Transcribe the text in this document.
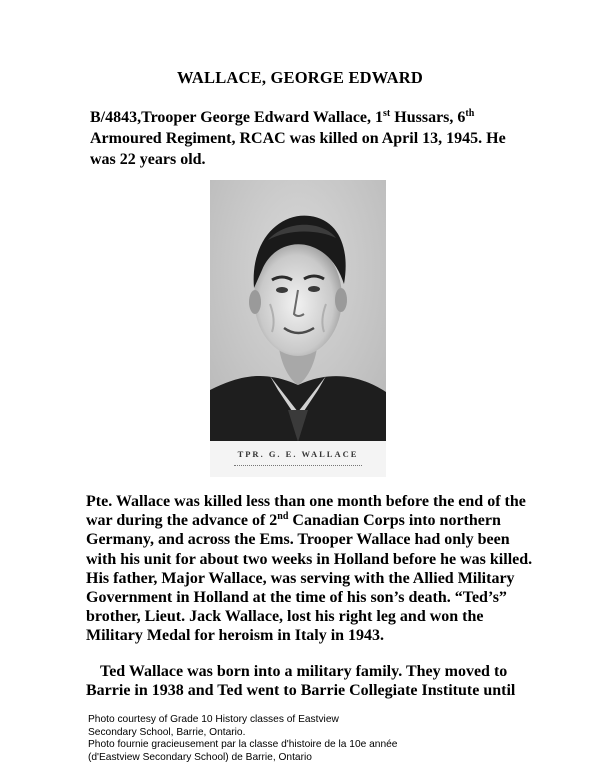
WALLACE, GEORGE EDWARD
B/4843,Trooper George Edward Wallace, 1st Hussars, 6th Armoured Regiment, RCAC was killed on April 13, 1945. He was 22 years old.
TPR. G. E. WALLACE

Pte. Wallace was killed less than one month before the end of the war during the advance of 2nd Canadian Corps into northern Germany, and across the Ems. Trooper Wallace had only been with his unit for about two weeks in Holland before he was killed. His father, Major Wallace, was serving with the Allied Military Government in Holland at the time of his son’s death. “Ted’s” brother, Lieut. Jack Wallace, lost his right leg and won the Military Medal for heroism in Italy in 1943.

Ted Wallace was born into a military family. They moved to Barrie in 1938 and Ted went to Barrie Collegiate Institute until

Photo courtesy of Grade 10 History classes of Eastview
Secondary School, Barrie, Ontario.
Photo fournie gracieusement par la classe d'histoire de la 10e année
(d'Eastview Secondary School) de Barrie, Ontario
